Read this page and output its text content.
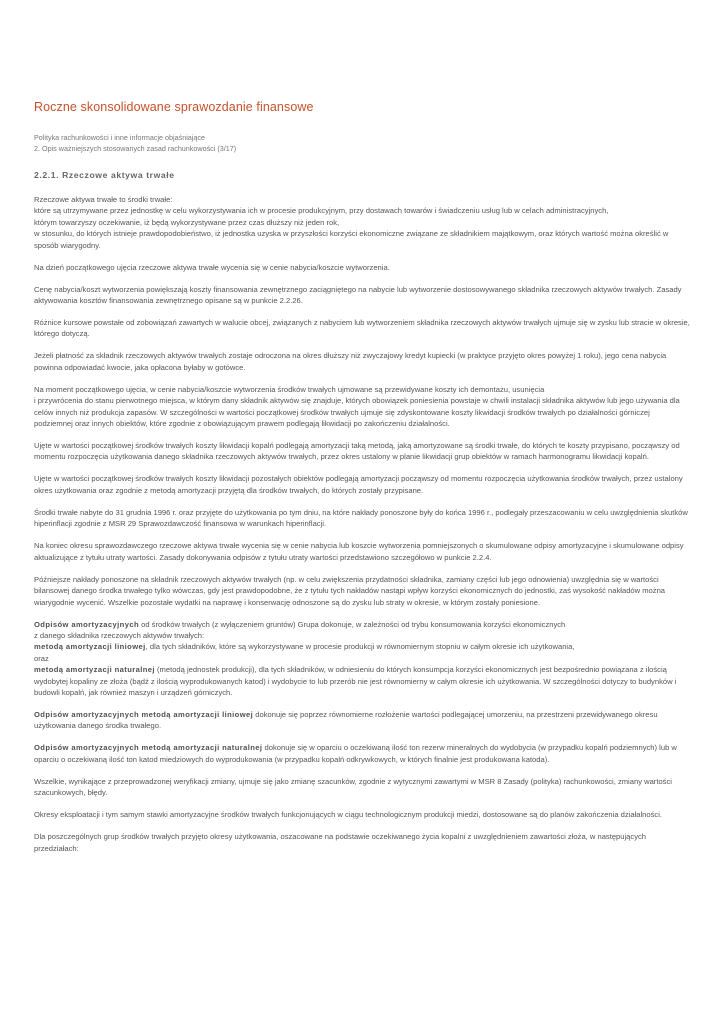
Roczne skonsolidowane sprawozdanie finansowe
Polityka rachunkowości i inne informacje objaśniające
2. Opis ważniejszych stosowanych zasad rachunkowości (3/17)
2.2.1. Rzeczowe aktywa trwałe

Rzeczowe aktywa trwałe to środki trwałe:
które są utrzymywane przez jednostkę w celu wykorzystywania ich w procesie produkcyjnym, przy dostawach towarów i świadczeniu usług lub w celach administracyjnych,
którym towarzyszy oczekiwanie, iż będą wykorzystywane przez czas dłuższy niż jeden rok,
w stosunku, do których istnieje prawdopodobieństwo, iż jednostka uzyska w przyszłości korzyści ekonomiczne związane ze składnikiem majątkowym, oraz których wartość można określić w sposób wiarygodny.

Na dzień początkowego ujęcia rzeczowe aktywa trwałe wycenia się w cenie nabycia/koszcie wytworzenia.

Cenę nabycia/koszt wytworzenia powiększają koszty finansowania zewnętrznego zaciągniętego na nabycie lub wytworzenie dostosowywanego składnika rzeczowych aktywów trwałych. Zasady aktywowania kosztów finansowania zewnętrznego opisane są w punkcie 2.2.26.

Różnice kursowe powstałe od zobowiązań zawartych w walucie obcej, związanych z nabyciem lub wytworzeniem składnika rzeczowych aktywów trwałych ujmuje się w zysku lub stracie w okresie, którego dotyczą.

Jeżeli płatność za składnik rzeczowych aktywów trwałych zostaje odroczona na okres dłuższy niż zwyczajowy kredyt kupiecki (w praktyce przyjęto okres powyżej 1 roku), jego cena nabycia powinna odpowiadać kwocie, jaka opłacona byłaby w gotówce.

Na moment początkowego ujęcia, w cenie nabycia/koszcie wytworzenia środków trwałych ujmowane są przewidywane koszty ich demontażu, usunięcia
i przywrócenia do stanu pierwotnego miejsca, w którym dany składnik aktywów się znajduje, których obowiązek poniesienia powstaje w chwili instalacji składnika aktywów lub jego używania dla celów innych niż produkcja zapasów. W szczególności w wartości początkowej środków trwałych ujmuje się zdyskontowane koszty likwidacji środków trwałych po działalności górniczej podziemnej oraz innych obiektów, które zgodnie z obowiązującym prawem podlegają likwidacji po zakończeniu działalności.

Ujęte w wartości początkowej środków trwałych koszty likwidacji kopalń podlegają amortyzacji taką metodą, jaką amortyzowane są środki trwałe, do których te koszty przypisano, począwszy od momentu rozpoczęcia użytkowania danego składnika rzeczowych aktywów trwałych, przez okres ustalony w planie likwidacji grup obiektów w ramach harmonogramu likwidacji kopalń.

Ujęte w wartości początkowej środków trwałych koszty likwidacji pozostałych obiektów podlegają amortyzacji począwszy od momentu rozpoczęcia użytkowania środków trwałych, przez ustalony okres użytkowania oraz zgodnie z metodą amortyzacji przyjętą dla środków trwałych, do których zostały przypisane.

Środki trwałe nabyte do 31 grudnia 1996 r. oraz przyjęte do użytkowania po tym dniu, na które nakłady ponoszone były do końca 1996 r., podlegały przeszacowaniu w celu uwzględnienia skutków hiperinflacji zgodnie z MSR 29 Sprawozdawczość finansowa w warunkach hiperinflacji.

Na koniec okresu sprawozdawczego rzeczowe aktywa trwałe wycenia się w cenie nabycia lub koszcie wytworzenia pomniejszonych o skumulowane odpisy amortyzacyjne i skumulowane odpisy aktualizujące z tytułu utraty wartości. Zasady dokonywania odpisów z tytułu utraty wartości przedstawiono szczegółowo w punkcie 2.2.4.

Późniejsze nakłady ponoszone na składnik rzeczowych aktywów trwałych (np. w celu zwiększenia przydatności składnika, zamiany części lub jego odnowienia) uwzględnia się w wartości bilansowej danego środka trwałego tylko wówczas, gdy jest prawdopodobne, że z tytułu tych nakładów nastąpi wpływ korzyści ekonomicznych do jednostki, zaś wysokość nakładów można wiarygodnie wycenić. Wszelkie pozostałe wydatki na naprawę i konserwację odnoszone są do zysku lub straty w okresie, w którym zostały poniesione.

Odpisów amortyzacyjnych od środków trwałych (z wyłączeniem gruntów) Grupa dokonuje, w zależności od trybu konsumowania korzyści ekonomicznych
z danego składnika rzeczowych aktywów trwałych:
metodą amortyzacji liniowej, dla tych składników, które są wykorzystywane w procesie produkcji w równomiernym stopniu w całym okresie ich użytkowania,
oraz
metodą amortyzacji naturalnej (metodą jednostek produkcji), dla tych składników, w odniesieniu do których konsumpcja korzyści ekonomicznych jest bezpośrednio powiązana z ilością wydobytej kopaliny ze złoża (bądź z ilością wyprodukowanych katod) i wydobycie to lub przerób nie jest równomierny w całym okresie ich użytkowania. W szczególności dotyczy to budynków i budowli kopalń, jak również maszyn i urządzeń górniczych.

Odpisów amortyzacyjnych metodą amortyzacji liniowej dokonuje się poprzez równomierne rozłożenie wartości podlegającej umorzeniu, na przestrzeni przewidywanego okresu użytkowania danego środka trwałego.

Odpisów amortyzacyjnych metodą amortyzacji naturalnej dokonuje się w oparciu o oczekiwaną ilość ton rezerw mineralnych do wydobycia (w przypadku kopalń podziemnych) lub w oparciu o oczekiwaną ilość ton katod miedziowych do wyprodukowania (w przypadku kopalń odkrywkowych, w których finalnie jest produkowana katoda).

Wszelkie, wynikające z przeprowadzonej weryfikacji zmiany, ujmuje się jako zmianę szacunków, zgodnie z wytycznymi zawartymi w MSR 8 Zasady (polityka) rachunkowości, zmiany wartości szacunkowych, błędy.

Okresy eksploatacji i tym samym stawki amortyzacyjne środków trwałych funkcjonujących w ciągu technologicznym produkcji miedzi, dostosowane są do planów zakończenia działalności.

Dla poszczególnych grup środków trwałych przyjęto okresy użytkowania, oszacowane na podstawie oczekiwanego życia kopalni z uwzględnieniem zawartości złoża, w następujących przedziałach:
